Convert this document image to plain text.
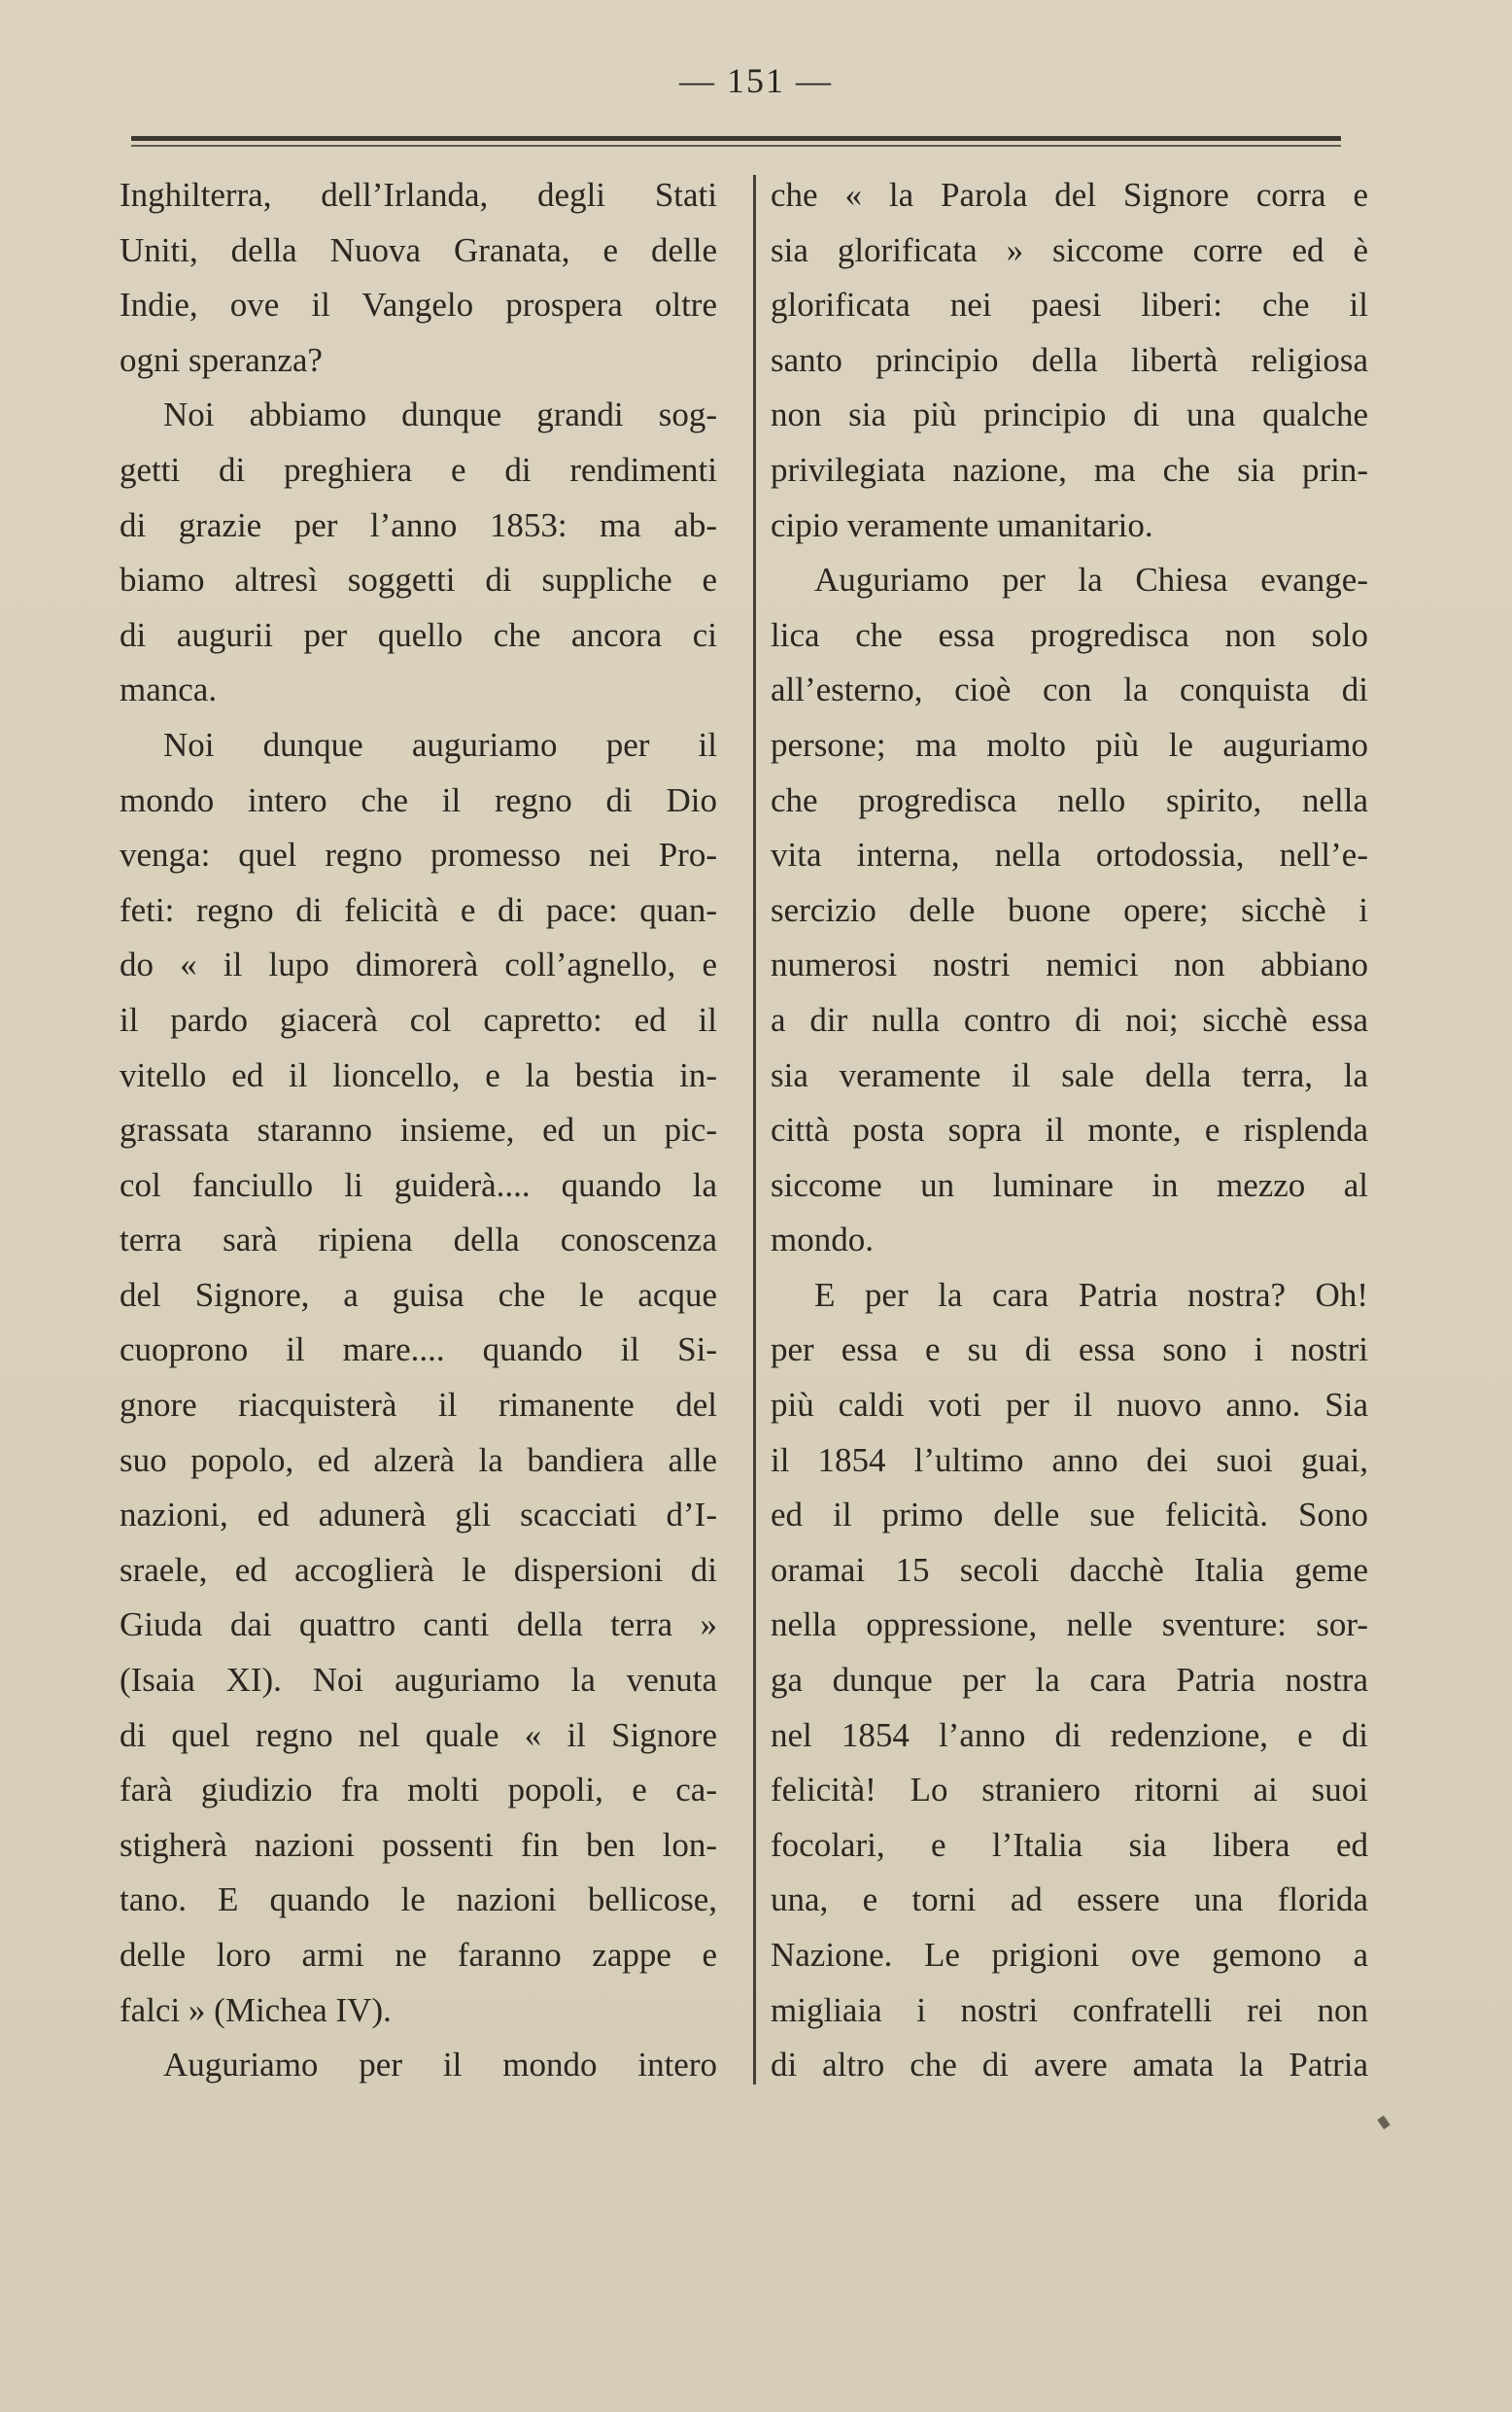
— 151 —
Inghilterra, dell’Irlanda, degli Stati
Uniti, della Nuova Granata, e delle
Indie, ove il Vangelo prospera oltre
ogni speranza?
Noi abbiamo dunque grandi sog-
getti di preghiera e di rendimenti
di grazie per l’anno 1853: ma ab-
biamo altresì soggetti di suppliche e
di augurii per quello che ancora ci
manca.
Noi dunque auguriamo per il
mondo intero che il regno di Dio
venga: quel regno promesso nei Pro-
feti: regno di felicità e di pace: quan-
do « il lupo dimorerà coll’agnello, e
il pardo giacerà col capretto: ed il
vitello ed il lioncello, e la bestia in-
grassata staranno insieme, ed un pic-
col fanciullo li guiderà.... quando la
terra sarà ripiena della conoscenza
del Signore, a guisa che le acque
cuoprono il mare.... quando il Si-
gnore riacquisterà il rimanente del
suo popolo, ed alzerà la bandiera alle
nazioni, ed adunerà gli scacciati d’I-
sraele, ed accoglierà le dispersioni di
Giuda dai quattro canti della terra »
(Isaia XI). Noi auguriamo la venuta
di quel regno nel quale « il Signore
farà giudizio fra molti popoli, e ca-
stigherà nazioni possenti fin ben lon-
tano. E quando le nazioni bellicose,
delle loro armi ne faranno zappe e
falci » (Michea IV).
Auguriamo per il mondo intero
che « la Parola del Signore corra e
sia glorificata » siccome corre ed è
glorificata nei paesi liberi: che il
santo principio della libertà religiosa
non sia più principio di una qualche
privilegiata nazione, ma che sia prin-
cipio veramente umanitario.
Auguriamo per la Chiesa evange-
lica che essa progredisca non solo
all’esterno, cioè con la conquista di
persone; ma molto più le auguriamo
che progredisca nello spirito, nella
vita interna, nella ortodossia, nell’e-
sercizio delle buone opere; sicchè i
numerosi nostri nemici non abbiano
a dir nulla contro di noi; sicchè essa
sia veramente il sale della terra, la
città posta sopra il monte, e risplenda
siccome un luminare in mezzo al
mondo.
E per la cara Patria nostra? Oh!
per essa e su di essa sono i nostri
più caldi voti per il nuovo anno. Sia
il 1854 l’ultimo anno dei suoi guai,
ed il primo delle sue felicità. Sono
oramai 15 secoli dacchè Italia geme
nella oppressione, nelle sventure: sor-
ga dunque per la cara Patria nostra
nel 1854 l’anno di redenzione, e di
felicità! Lo straniero ritorni ai suoi
focolari, e l’Italia sia libera ed
una, e torni ad essere una florida
Nazione. Le prigioni ove gemono a
migliaia i nostri confratelli rei non
di altro che di avere amata la Patria
